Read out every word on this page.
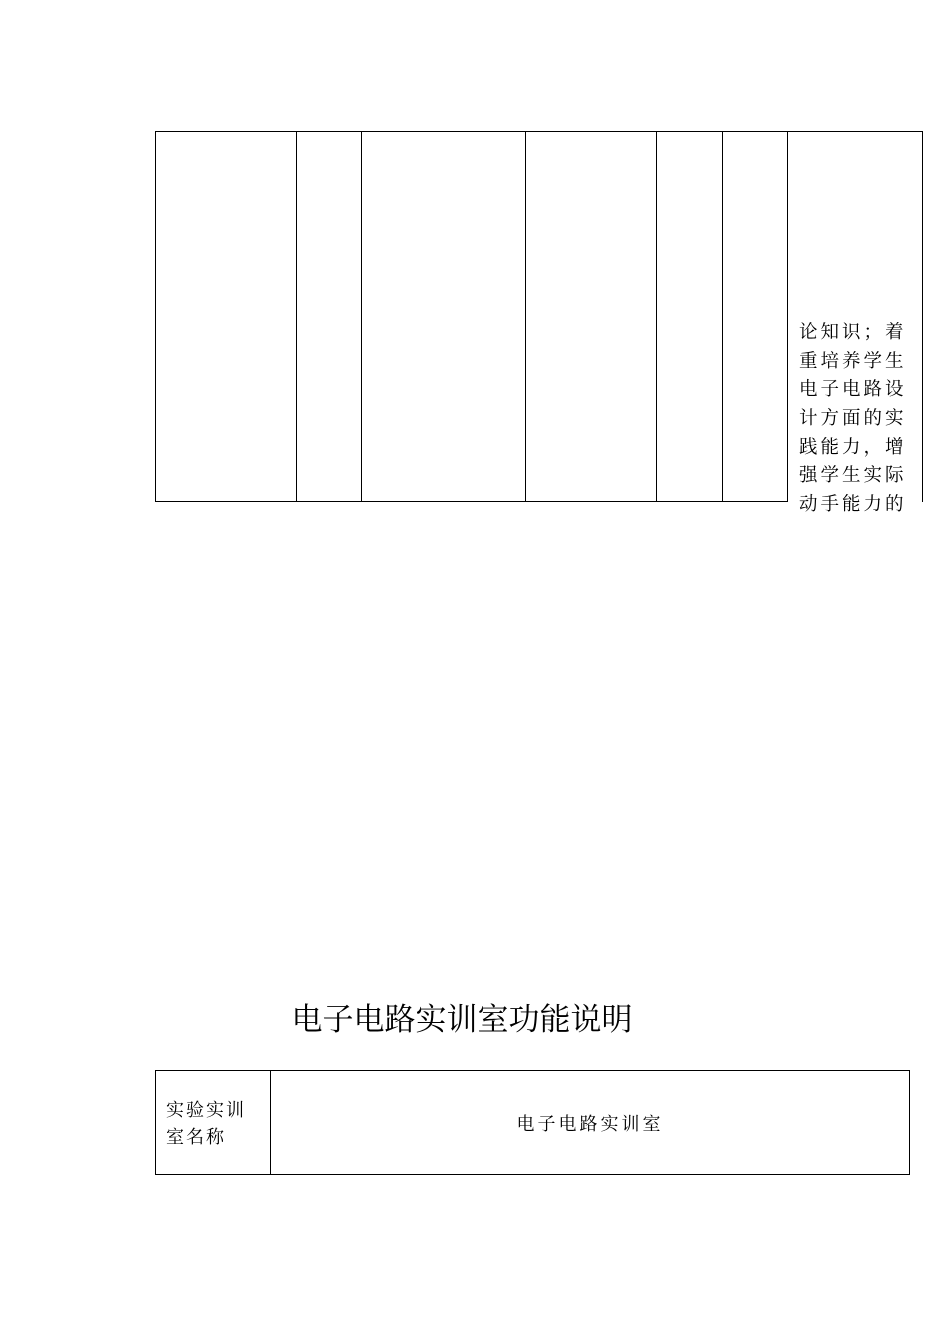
论知识；着
重培养学生
电子电路设
计方面的实
践能力，增
强学生实际
动手能力的
电子电路实训室功能说明
实验实训
室名称
电子电路实训室
